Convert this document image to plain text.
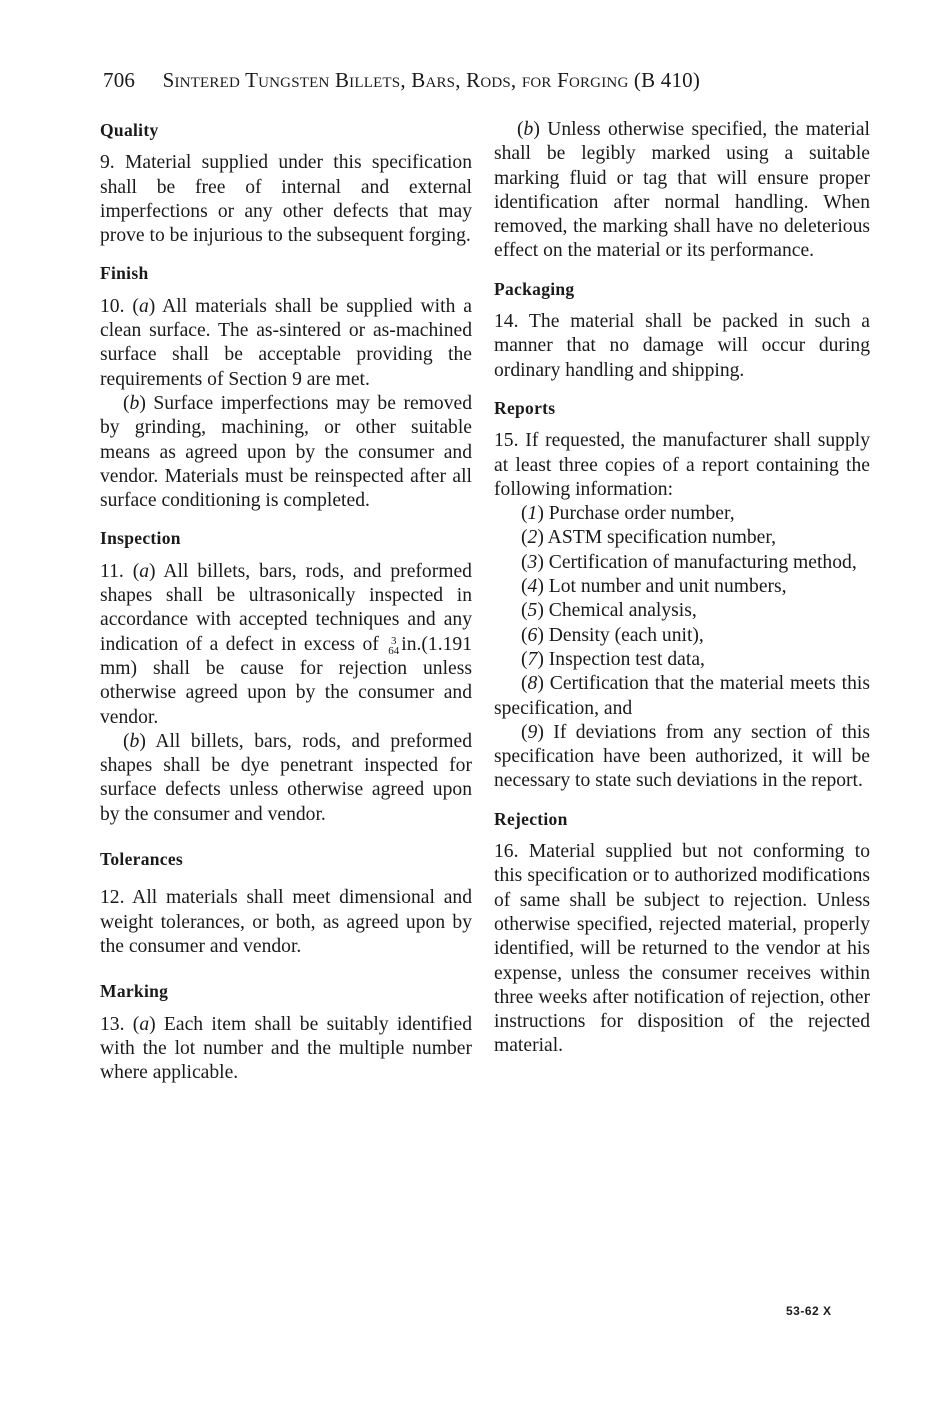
706 Sintered Tungsten Billets, Bars, Rods, for Forging (B 410)
Quality

9. Material supplied under this specification shall be free of internal and external imperfections or any other defects that may prove to be injurious to the subsequent forging.

Finish

10. (a) All materials shall be supplied with a clean surface. The as-sintered or as-machined surface shall be acceptable providing the requirements of Section 9 are met.

(b) Surface imperfections may be removed by grinding, machining, or other suitable means as agreed upon by the consumer and vendor. Materials must be reinspected after all surface conditioning is completed.

Inspection

11. (a) All billets, bars, rods, and preformed shapes shall be ultrasonically inspected in accordance with accepted techniques and any indication of a defect in excess of 3
64 in.(1.191 mm) shall be cause for rejection unless otherwise agreed upon by the consumer and vendor.

(b) All billets, bars, rods, and preformed shapes shall be dye penetrant inspected for surface defects unless otherwise agreed upon by the consumer and vendor.

Tolerances

12. All materials shall meet dimensional and weight tolerances, or both, as agreed upon by the consumer and vendor.

Marking

13. (a) Each item shall be suitably identified with the lot number and the multiple number where applicable.

(b) Unless otherwise specified, the material shall be legibly marked using a suitable marking fluid or tag that will ensure proper identification after normal handling. When removed, the marking shall have no deleterious effect on the material or its performance.

Packaging

14. The material shall be packed in such a manner that no damage will occur during ordinary handling and shipping.

Reports

15. If requested, the manufacturer shall supply at least three copies of a report containing the following information:

(1) Purchase order number,

(2) ASTM specification number,

(3) Certification of manufacturing method,

(4) Lot number and unit numbers,

(5) Chemical analysis,

(6) Density (each unit),

(7) Inspection test data,

(8) Certification that the material meets this specification, and

(9) If deviations from any section of this specification have been authorized, it will be necessary to state such deviations in the report.

Rejection

16. Material supplied but not conforming to this specification or to authorized modifications of same shall be subject to rejection. Unless otherwise specified, rejected material, properly identified, will be returned to the vendor at his expense, unless the consumer receives within three weeks after notification of rejection, other instructions for disposition of the rejected material.

53-62 X
